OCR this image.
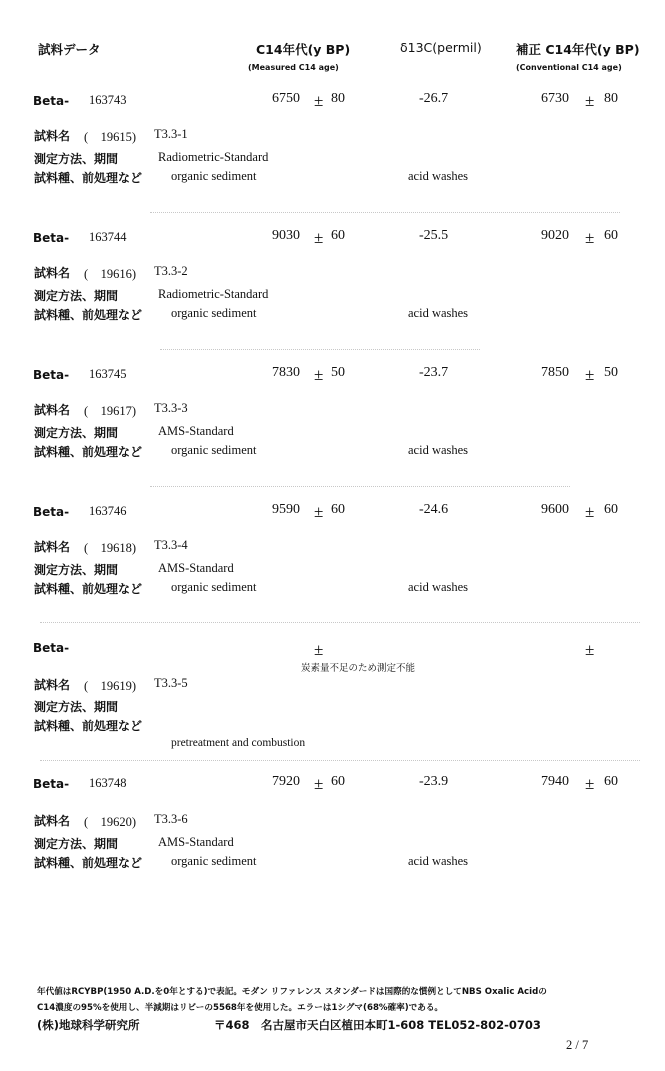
試料データ	C14年代(y BP)
(Measured C14 age)
δ13C(permil)	補正 C14年代(y BP)
(Conventional C14 age)
Beta- 163743	6750 ± 80	-26.7	6730 ± 80
試料名 (　19615) T3.3-1
測定方法、期間	Radiometric-Standard
試料種、前処理など organic sediment	acid washes
Beta- 163744	9030 ± 60	-25.5	9020 ± 60
試料名 (　19616) T3.3-2
測定方法、期間	Radiometric-Standard
試料種、前処理など organic sediment	acid washes
Beta- 163745	7830 ± 50	-23.7	7850 ± 50
試料名 (　19617) T3.3-3
測定方法、期間	AMS-Standard
試料種、前処理など organic sediment	acid washes
Beta- 163746	9590 ± 60	-24.6	9600 ± 60
試料名 (　19618) T3.3-4
測定方法、期間	AMS-Standard
試料種、前処理など organic sediment	acid washes
Beta-	±	±
炭素量不足のため測定不能
試料名 (　19619) T3.3-5
測定方法、期間
試料種、前処理など
pretreatment and combustion
Beta- 163748	7920 ± 60	-23.9	7940 ± 60
試料名 (　19620) T3.3-6
測定方法、期間	AMS-Standard
試料種、前処理など organic sediment	acid washes
年代値はRCYBP(1950 A.D.を0年とする)で表記。モダン リファレンス スタンダードは国際的な慣例としてNBS Oxalic Acidの
C14濃度の95%を使用し、半減期はリビーの5568年を使用した。エラーは1シグマ(68%確率)である。
(株)地球科学研究所	〒468　名古屋市天白区植田本町1-608 TEL052-802-0703
2 / 7
